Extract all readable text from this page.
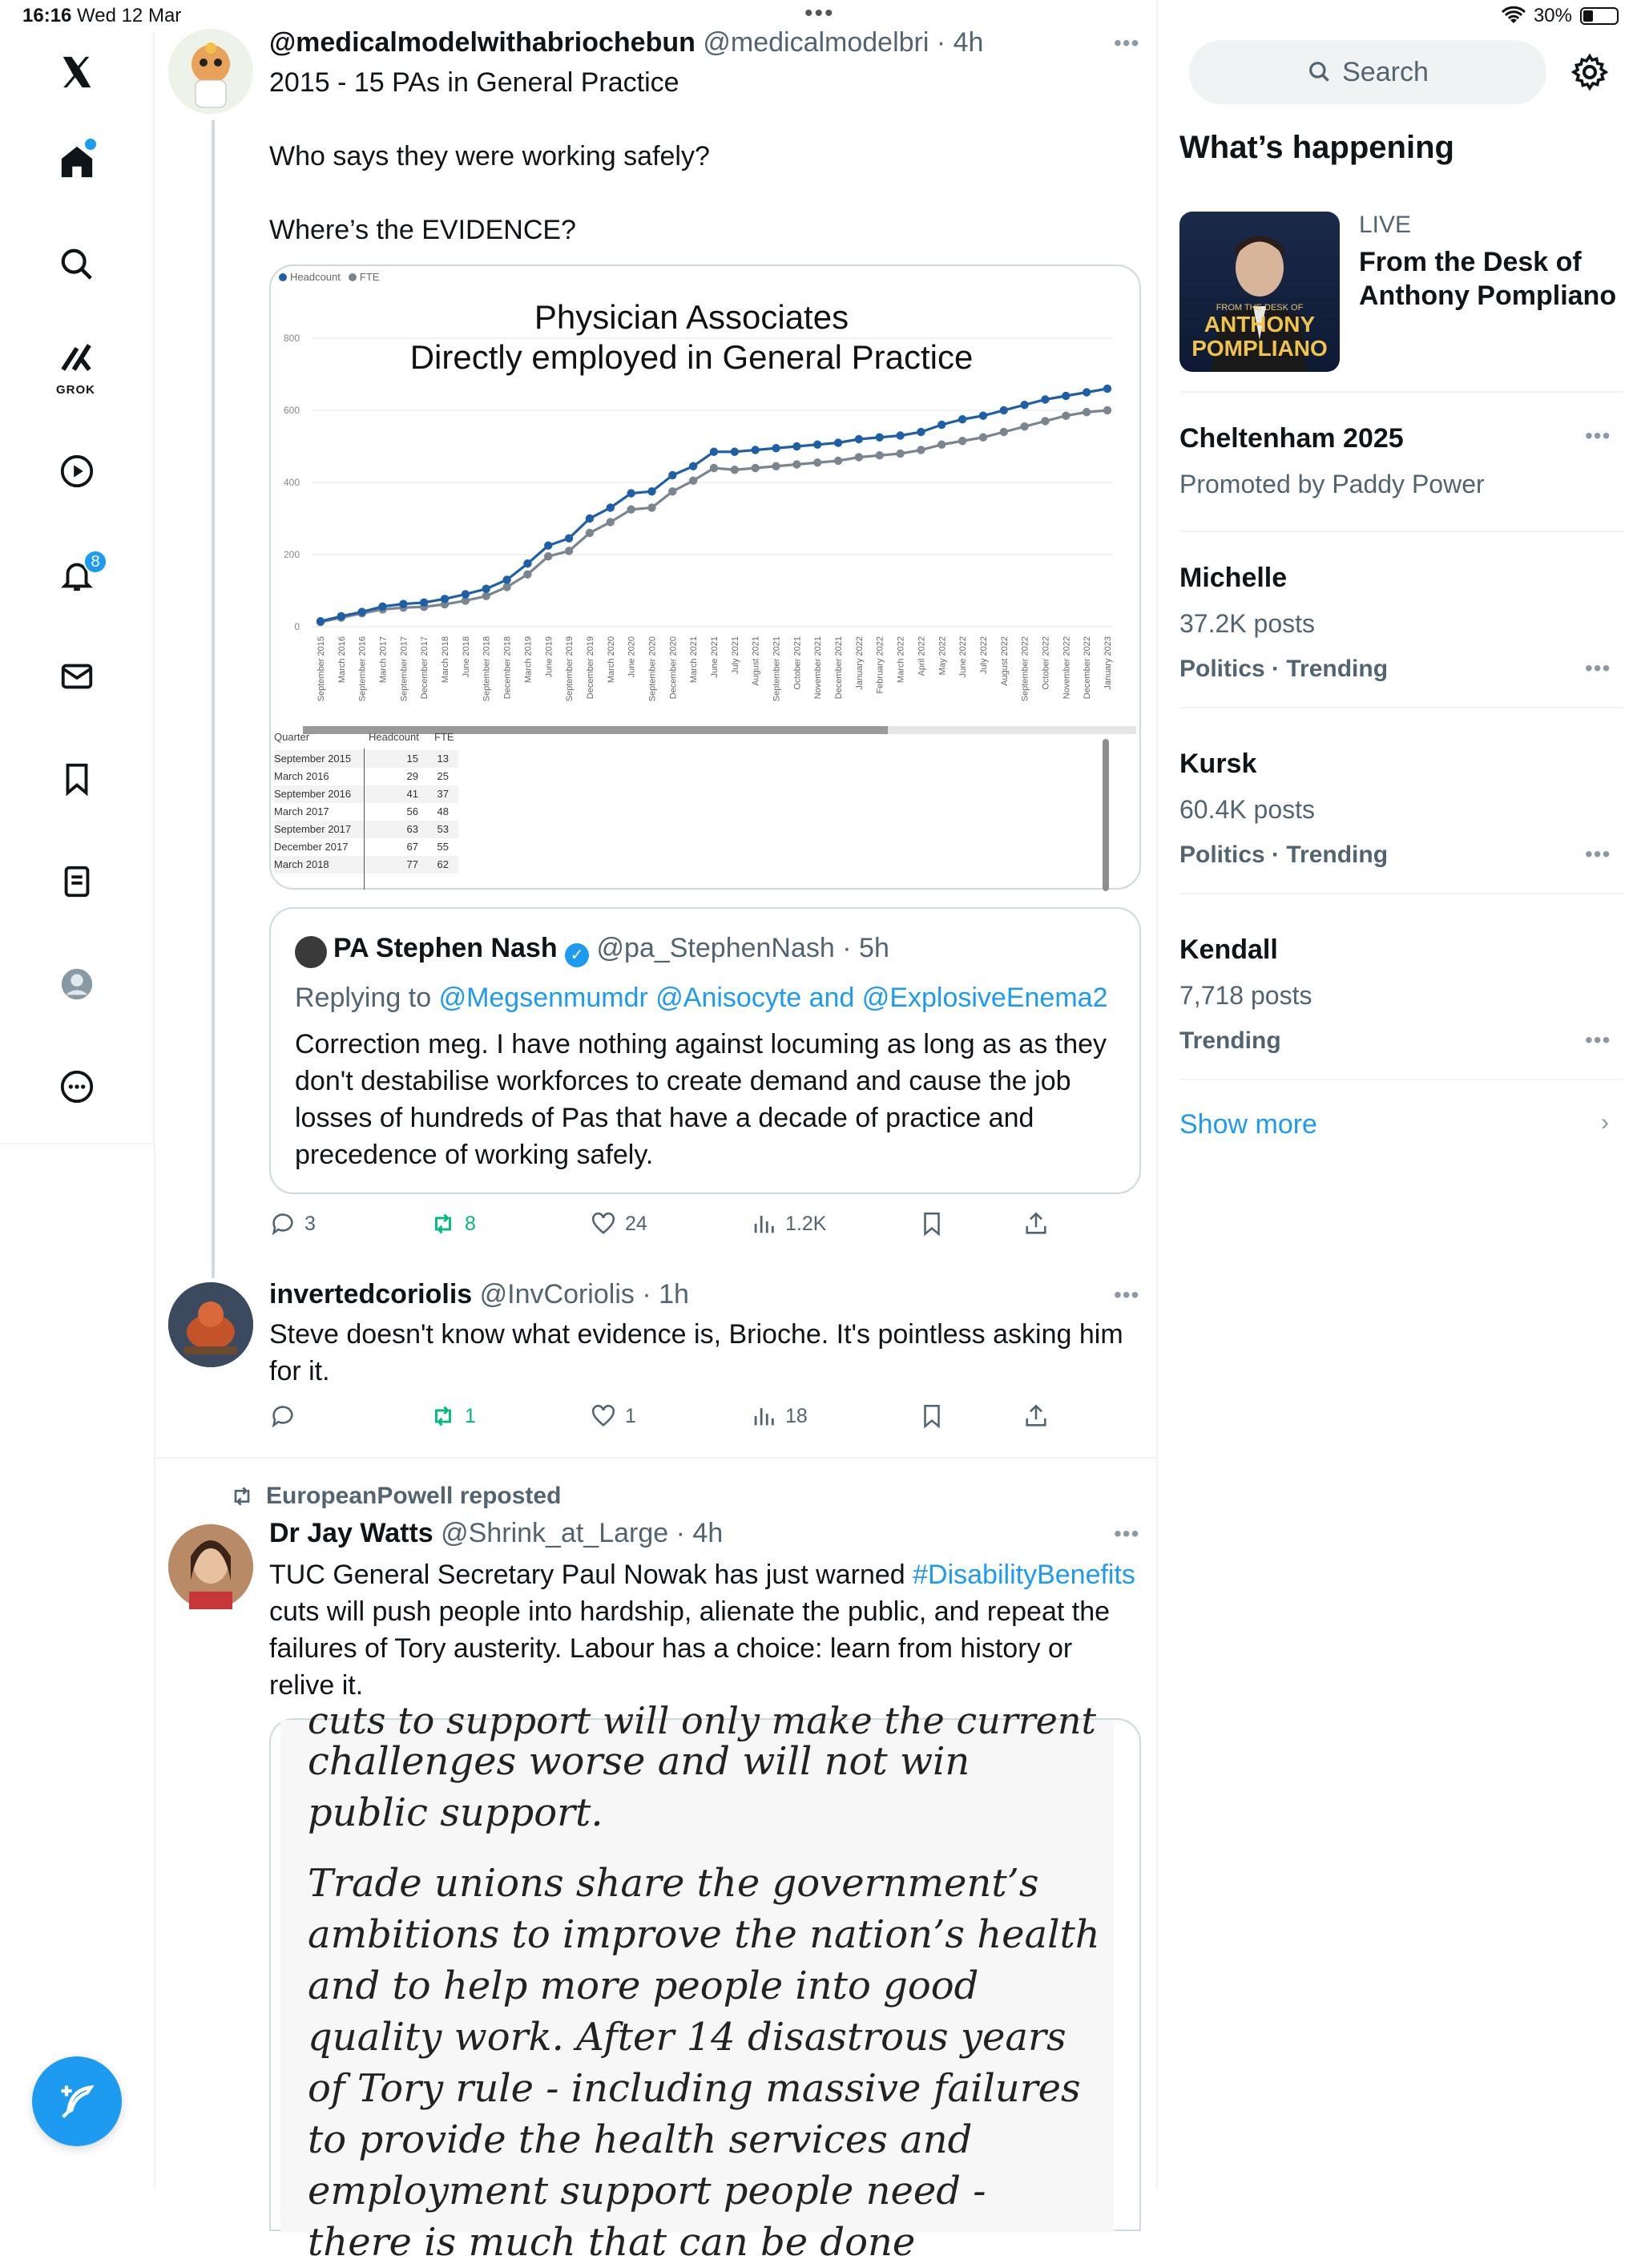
16:16 Wed 12 Mar	•••	30%
GROK
8
@medicalmodelwithabriochebun @medicalmodelbri · 4h	•••
2015 - 15 PAs in General Practice
Who says they were working safely?
Where’s the EVIDENCE?
Headcount FTE
Physician Associates
Directly employed in General Practice
0
200
400
600
800
September 2015 March 2016 September 2016 March 2017 September 2017 December 2017 March 2018 June 2018 September 2018 December 2018 March 2019 June 2019 September 2019 December 2019 March 2020 June 2020 September 2020 December 2020 March 2021 June 2021 July 2021 August 2021 September 2021 October 2021 November 2021 December 2021 January 2022 February 2022 March 2022 April 2022 May 2022 June 2022 July 2022 August 2022 September 2022 October 2022 November 2022 December 2022 January 2023
Quarter	Headcount FTE
September 2015	15	13
March 2016	29	25
September 2016	41	37
March 2017	56	48
September 2017	63	53
December 2017	67	55
March 2018	77	62
PA Stephen Nash ✓ @pa_StephenNash · 5h
Replying to @Megsenmumdr @Anisocyte and @ExplosiveEnema2
Correction meg. I have nothing against locuming as long as as they don't destabilise workforces to create demand and cause the job losses of hundreds of Pas that have a decade of practice and precedence of working safely.
3	8	24	1.2K
invertedcoriolis @InvCoriolis · 1h	•••
Steve doesn't know what evidence is, Brioche. It's pointless asking him for it.
1	1	18
EuropeanPowell reposted
Dr Jay Watts @Shrink_at_Large · 4h	•••
TUC General Secretary Paul Nowak has just warned #DisabilityBenefits cuts will push people into hardship, alienate the public, and repeat the failures of Tory austerity. Labour has a choice: learn from history or relive it.
cuts to support will only make the current
challenges worse and will not win public support.
Trade unions share the government’s ambitions to improve the nation’s health and to help more people into good quality work. After 14 disastrous years of Tory rule - including massive failures to provide the health services and employment support people need - there is much that can be done
Search
What’s happening
FROM THE DESK OF
ANTHONY
POMPLIANO
LIVE
From the Desk of Anthony Pompliano
Cheltenham 2025
Promoted by Paddy Power
•••
Michelle
37.2K posts
Politics · Trending	•••
Kursk
60.4K posts
Politics · Trending	•••
Kendall
7,718 posts
Trending	•••
Show more	›
